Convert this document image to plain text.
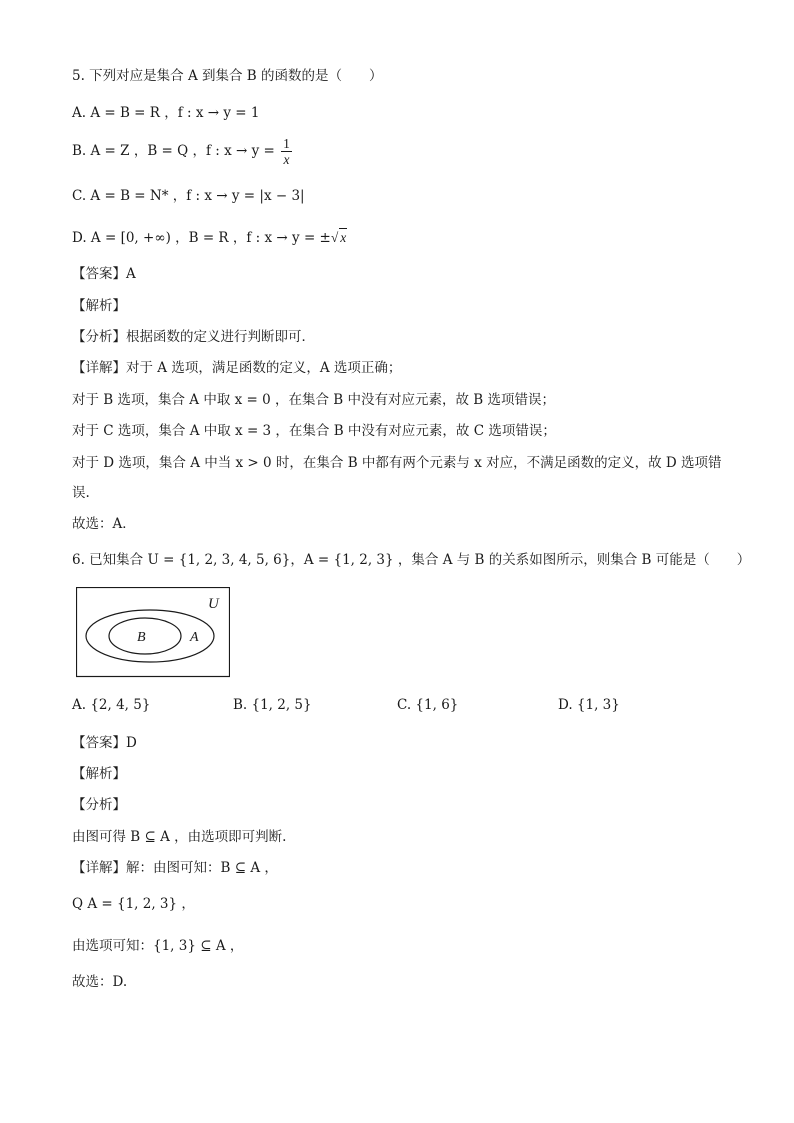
5. 下列对应是集合 A 到集合 B 的函数的是（　　）
A. A = B = R ，f : x → y = 1
B. A = Z ，B = Q ，f : $x \to y = \frac{1}{x}$
C. A = B = N* ，f : x → y = |x − 3|
D. A = [0, +∞) ，B = R ，f : x → y = ±√ x
【答案】A
【解析】
【分析】根据函数的定义进行判断即可．
【详解】对于 A 选项，满足函数的定义，A 选项正确；
对于 B 选项，集合 A 中取 x = 0 ，在集合 B 中没有对应元素，故 B 选项错误；
对于 C 选项，集合 A 中取 x = 3 ，在集合 B 中没有对应元素，故 C 选项错误；
对于 D 选项，集合 A 中当 x > 0 时，在集合 B 中都有两个元素与 x 对应，不满足函数的定义，故 D 选项错
误.
故选：A．
6. 已知集合 U = {1, 2, 3, 4, 5, 6}，A = {1, 2, 3} ，集合 A 与 B 的关系如图所示，则集合 B 可能是（　　）
U
A
B
A. {2, 4, 5}	B. {1, 2, 5}	C. {1, 6}	D. {1, 3}
【答案】D
【解析】
【分析】
由图可得 B ⊆ A ，由选项即可判断.
【详解】解：由图可知：B ⊆ A ，
Q A = {1, 2, 3} ，
由选项可知：{1, 3} ⊆ A ，
故选：D.
